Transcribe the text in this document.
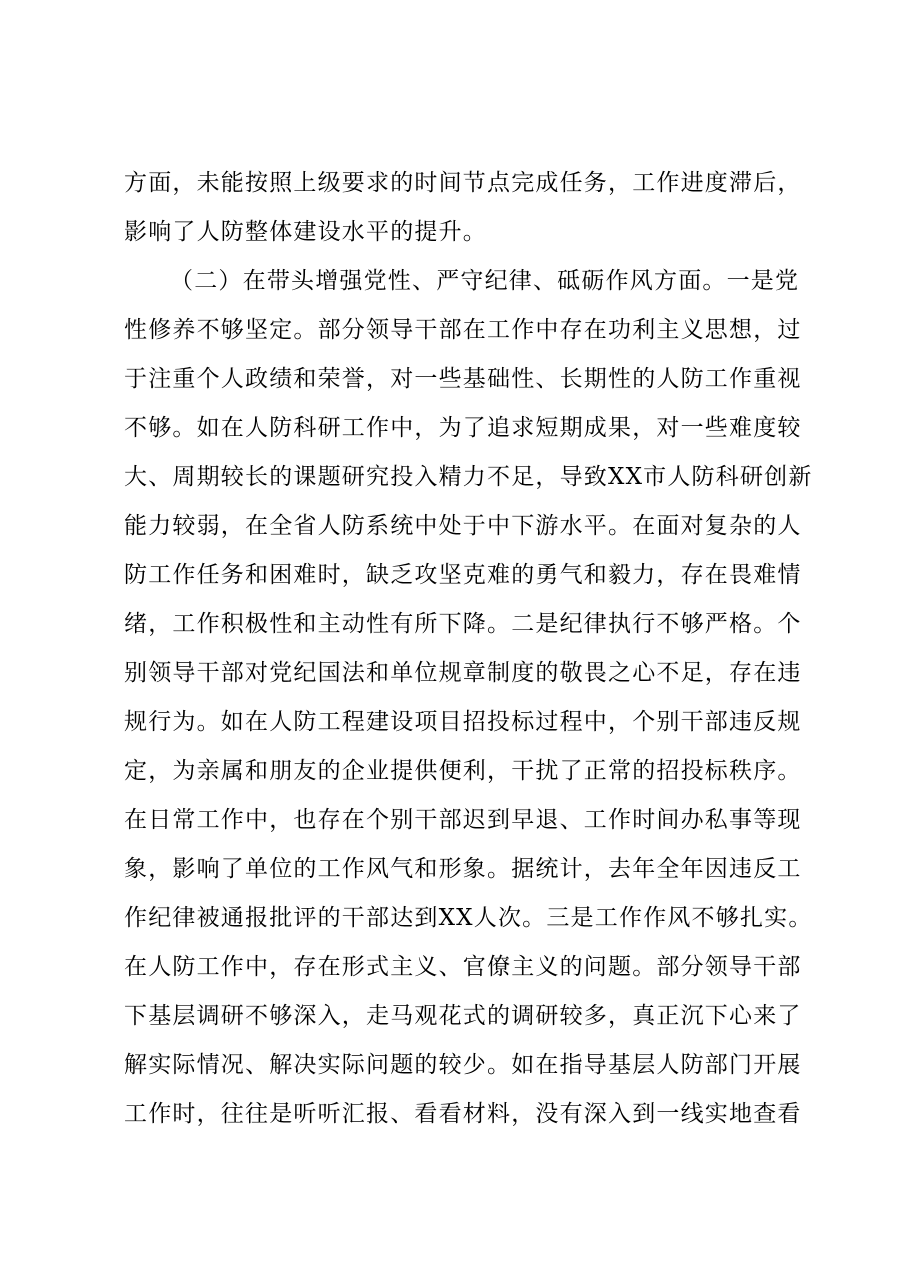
方面，未能按照上级要求的时间节点完成任务，工作进度滞后，
影响了人防整体建设水平的提升。
（二）在带头增强党性、严守纪律、砥砺作风方面。一是党
性修养不够坚定。部分领导干部在工作中存在功利主义思想，过
于注重个人政绩和荣誉，对一些基础性、长期性的人防工作重视
不够。如在人防科研工作中，为了追求短期成果，对一些难度较
大、周期较长的课题研究投入精力不足，导致XX市人防科研创新
能力较弱，在全省人防系统中处于中下游水平。在面对复杂的人
防工作任务和困难时，缺乏攻坚克难的勇气和毅力，存在畏难情
绪，工作积极性和主动性有所下降。二是纪律执行不够严格。个
别领导干部对党纪国法和单位规章制度的敬畏之心不足，存在违
规行为。如在人防工程建设项目招投标过程中，个别干部违反规
定，为亲属和朋友的企业提供便利，干扰了正常的招投标秩序。
在日常工作中，也存在个别干部迟到早退、工作时间办私事等现
象，影响了单位的工作风气和形象。据统计，去年全年因违反工
作纪律被通报批评的干部达到XX人次。三是工作作风不够扎实。
在人防工作中，存在形式主义、官僚主义的问题。部分领导干部
下基层调研不够深入，走马观花式的调研较多，真正沉下心来了
解实际情况、解决实际问题的较少。如在指导基层人防部门开展
工作时，往往是听听汇报、看看材料，没有深入到一线实地查看
